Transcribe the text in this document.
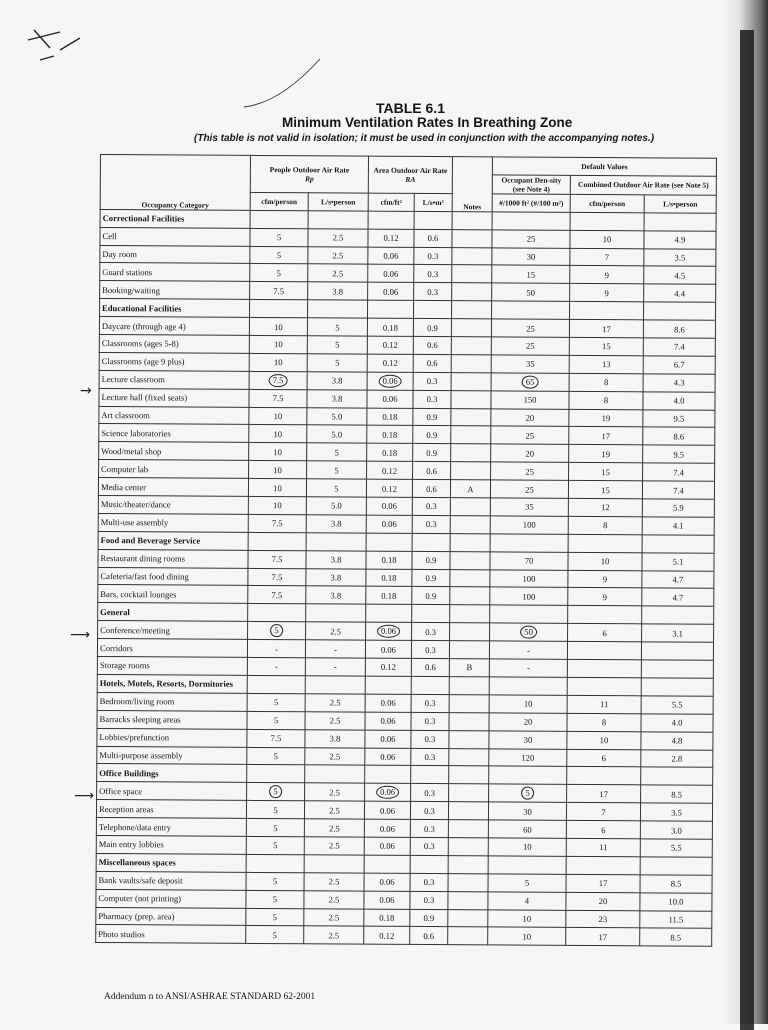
TABLE 6.1
Minimum Ventilation Rates In Breathing Zone
(This table is not valid in isolation; it must be used in conjunction with the accompanying notes.)
Occupancy Category	People Outdoor Air Rate
Rp		Area Outdoor Air Rate
RA		Notes	Default Values		
						Occupant Den-sity (see Note 4)	Combined Outdoor Air Rate (see Note 5)	
	cfm/person	L/s•person	cfm/ft²	L/s•m²		#/1000 ft² (#/100 m²)	cfm/person	L/s•person
Correctional Facilities								
Cell	5	2.5	0.12	0.6		25	10	4.9
Day room	5	2.5	0.06	0.3		30	7	3.5
Guard stations	5	2.5	0.06	0.3		15	9	4.5
Booking/waiting	7.5	3.8	0.06	0.3		50	9	4.4
Educational Facilities								
Daycare (through age 4)	10	5	0.18	0.9		25	17	8.6
Classrooms (ages 5-8)	10	5	0.12	0.6		25	15	7.4
Classrooms (age 9 plus)	10	5	0.12	0.6		35	13	6.7
Lecture classroom	7.5	3.8	0.06	0.3		65	8	4.3
Lecture hall (fixed seats)	7.5	3.8	0.06	0.3		150	8	4.0
Art classroom	10	5.0	0.18	0.9		20	19	9.5
Science laboratories	10	5.0	0.18	0.9		25	17	8.6
Wood/metal shop	10	5	0.18	0.9		20	19	9.5
Computer lab	10	5	0.12	0.6		25	15	7.4
Media center	10	5	0.12	0.6	A	25	15	7.4
Music/theater/dance	10	5.0	0.06	0.3		35	12	5.9
Multi-use assembly	7.5	3.8	0.06	0.3		100	8	4.1
Food and Beverage Service								
Restaurant dining rooms	7.5	3.8	0.18	0.9		70	10	5.1
Cafeteria/fast food dining	7.5	3.8	0.18	0.9		100	9	4.7
Bars, cocktail lounges	7.5	3.8	0.18	0.9		100	9	4.7
General								
Conference/meeting	5	2.5	0.06	0.3		50	6	3.1
Corridors	-	-	0.06	0.3		-		
Storage rooms	-	-	0.12	0.6	B	-		
Hotels, Motels, Resorts, Dormitories								
Bedroom/living room	5	2.5	0.06	0.3		10	11	5.5
Barracks sleeping areas	5	2.5	0.06	0.3		20	8	4.0
Lobbies/prefunction	7.5	3.8	0.06	0.3		30	10	4.8
Multi-purpose assembly	5	2.5	0.06	0.3		120	6	2.8
Office Buildings								
Office space	5	2.5	0.06	0.3		5	17	8.5
Reception areas	5	2.5	0.06	0.3		30	7	3.5
Telephone/data entry	5	2.5	0.06	0.3		60	6	3.0
Main entry lobbies	5	2.5	0.06	0.3		10	11	5.5
Miscellaneous spaces								
Bank vaults/safe deposit	5	2.5	0.06	0.3		5	17	8.5
Computer (not printing)	5	2.5	0.06	0.3		4	20	10.0
Pharmacy (prep. area)	5	2.5	0.18	0.9		10	23	11.5
Photo studios	5	2.5	0.12	0.6		10	17	8.5
→
⟶
⟶
Addendum n to ANSI/ASHRAE STANDARD 62-2001
